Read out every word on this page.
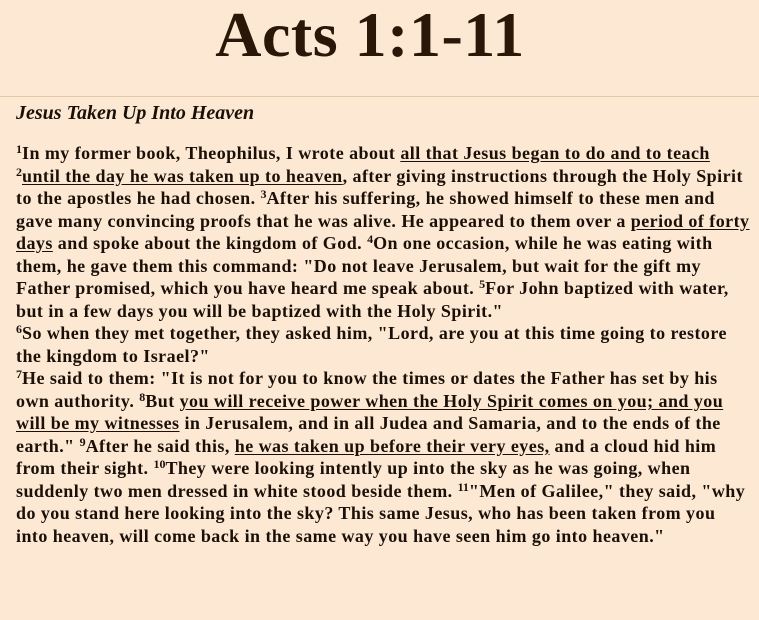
Acts 1:1-11
Jesus Taken Up Into Heaven

$^1$In my former book, Theophilus, I wrote about all that Jesus began to do and to teach $^2$until the day he was taken up to heaven, after giving instructions through the Holy Spirit to the apostles he had chosen. $^3$After his suffering, he showed himself to these men and gave many convincing proofs that he was alive. He appeared to them over a period of forty days and spoke about the kingdom of God. $^4$On one occasion, while he was eating with them, he gave them this command: "Do not leave Jerusalem, but wait for the gift my Father promised, which you have heard me speak about. $^5$For John baptized with water, but in a few days you will be baptized with the Holy Spirit."
$^6$So when they met together, they asked him, "Lord, are you at this time going to restore the kingdom to Israel?"
$^7$He said to them: "It is not for you to know the times or dates the Father has set by his own authority. $^8$But you will receive power when the Holy Spirit comes on you; and you will be my witnesses in Jerusalem, and in all Judea and Samaria, and to the ends of the earth." $^9$After he said this, he was taken up before their very eyes, and a cloud hid him from their sight. $^{10}$They were looking intently up into the sky as he was going, when suddenly two men dressed in white stood beside them. $^{11}$"Men of Galilee," they said, "why do you stand here looking into the sky? This same Jesus, who has been taken from you into heaven, will come back in the same way you have seen him go into heaven."
